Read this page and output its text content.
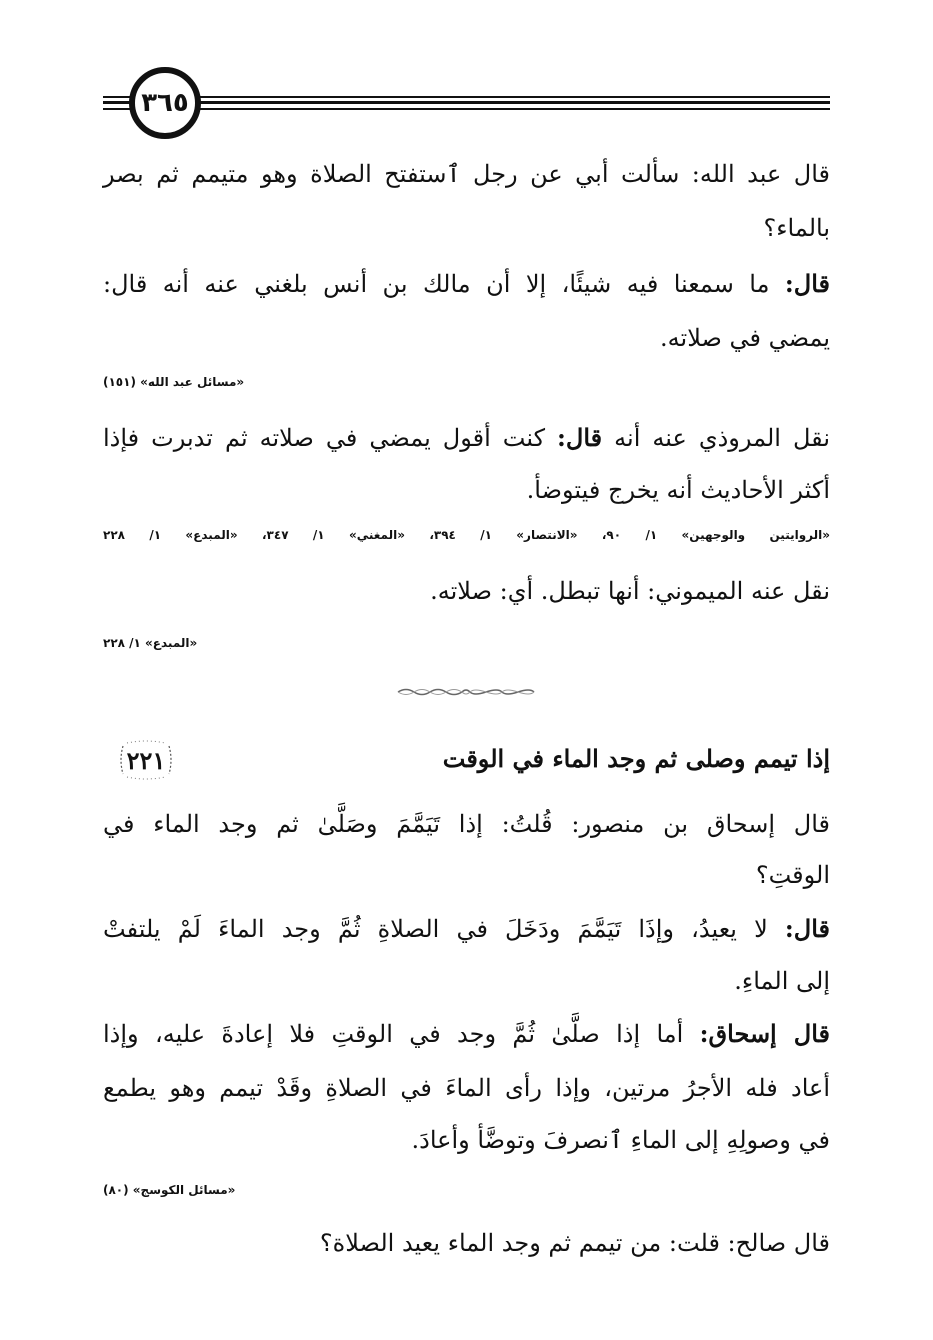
٣٦٥
قال عبد الله: سألت أبي عن رجل ٱستفتح الصلاة وهو متيمم ثم بصر
بالماء؟
قال: ما سمعنا فيه شيئًا، إلا أن مالك بن أنس بلغني عنه أنه قال:
يمضي في صلاته.
«مسائل عبد الله» (١٥١)
نقل المروذي عنه أنه قال: كنت أقول يمضي في صلاته ثم تدبرت فإذا
أكثر الأحاديث أنه يخرج فيتوضأ.
«الروايتين والوجهين» ١/ ٩٠، «الانتصار» ١/ ٣٩٤، «المغني» ١/ ٣٤٧، «المبدع» ١/ ٢٢٨
نقل عنه الميموني: أنها تبطل. أي: صلاته.
«المبدع» ١/ ٢٢٨
إذا تيمم وصلى ثم وجد الماء في الوقت
٢٢١
قال إسحاق بن منصور: قُلتُ: إذا تَيَمَّمَ وصَلَّىٰ ثم وجد الماء في
الوقتِ؟
قال: لا يعيدُ، وإذَا تَيَمَّمَ ودَخَلَ في الصلاةِ ثُمَّ وجد الماءَ لَمْ يلتفتْ
إلى الماءِ.
قال إسحاق: أما إذا صلَّىٰ ثُمَّ وجد في الوقتِ فلا إعادةَ عليه، وإذا
أعاد فله الأجرُ مرتين، وإذا رأى الماءَ في الصلاةِ وقَدْ تيمم وهو يطمع
في وصولِهِ إلى الماءِ ٱنصرفَ وتوضَّأ وأعادَ.
«مسائل الكوسج» (٨٠)
قال صالح: قلت: من تيمم ثم وجد الماء يعيد الصلاة؟
